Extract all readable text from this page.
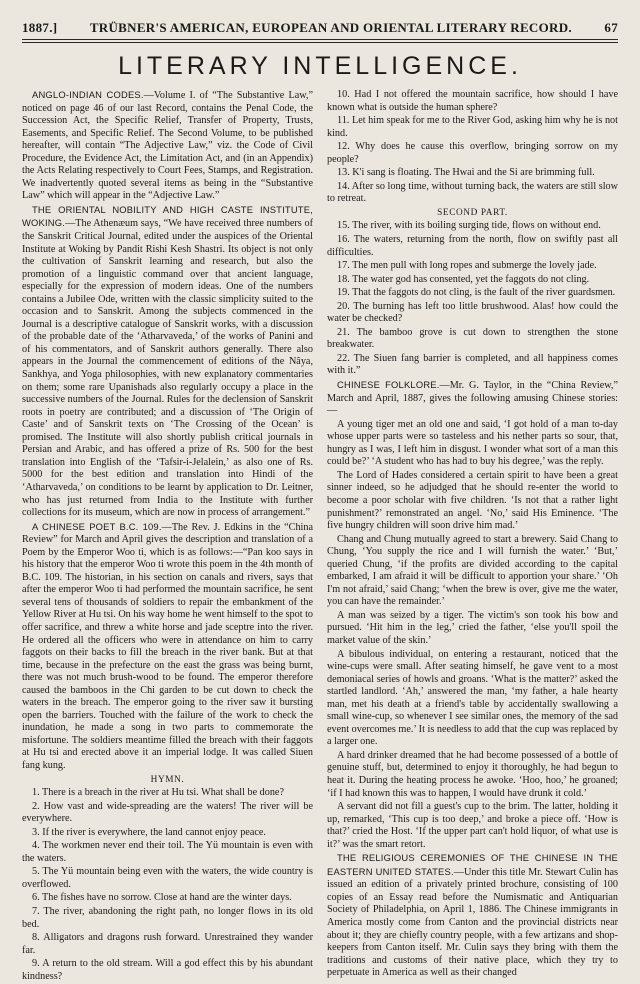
1887.]	TRÜBNER'S AMERICAN, EUROPEAN AND ORIENTAL LITERARY RECORD.	67
LITERARY INTELLIGENCE.

ANGLO-INDIAN CODES.—Volume I. of “The Substantive Law,” noticed on page 46 of our last Record, contains the Penal Code, the Succession Act, the Specific Relief, Transfer of Property, Trusts, Easements, and Specific Relief. The Second Volume, to be published hereafter, will contain “The Adjective Law,” viz. the Code of Civil Procedure, the Evidence Act, the Limitation Act, and (in an Appendix) the Acts Relating respectively to Court Fees, Stamps, and Registration. We inadvertently quoted several items as being in the “Substantive Law” which will appear in the “Adjective Law.”

THE ORIENTAL NOBILITY AND HIGH CASTE INSTITUTE, WOKING.—The Athenæum says, “We have received three numbers of the Sanskrit Critical Journal, edited under the auspices of the Oriental Institute at Woking by Pandit Rishi Kesh Shastri. Its object is not only the cultivation of Sanskrit learning and research, but also the promotion of a linguistic command over that ancient language, especially for the expression of modern ideas. One of the numbers contains a Jubilee Ode, written with the classic simplicity suited to the occasion and to Sanskrit. Among the subjects commenced in the Journal is a descriptive catalogue of Sanskrit works, with a discussion of the probable date of the ‘Atharvaveda,’ of the works of Panini and of his commentators, and of Sanskrit authors generally. There also appears in the Journal the commencement of editions of the Nâya, Sankhya, and Yoga philosophies, with new explanatory commentaries on them; some rare Upanishads also regularly occupy a place in the successive numbers of the Journal. Rules for the declension of Sanskrit roots in poetry are contributed; and a discussion of ‘The Origin of Caste’ and of Sanskrit texts on ‘The Crossing of the Ocean’ is promised. The Institute will also shortly publish critical journals in Persian and Arabic, and has offered a prize of Rs. 500 for the best translation into English of the ‘Tafsir-i-Jelalein,’ as also one of Rs. 5000 for the best edition and translation into Hindi of the ‘Atharvaveda,’ on conditions to be learnt by application to Dr. Leitner, who has just returned from India to the Institute with further collections for its museum, which are now in process of arrangement.”

A CHINESE POET B.C. 109.—The Rev. J. Edkins in the “China Review” for March and April gives the description and translation of a Poem by the Emperor Woo ti, which is as follows:—“Pan koo says in his history that the emperor Woo ti wrote this poem in the 4th month of B.C. 109. The historian, in his section on canals and rivers, says that after the emperor Woo ti had performed the mountain sacrifice, he sent several tens of thousands of soldiers to repair the embankment of the Yellow River at Hu tsi. On his way home he went himself to the spot to offer sacrifice, and threw a white horse and jade sceptre into the river. He ordered all the officers who were in attendance on him to carry faggots on their backs to fill the breach in the river bank. But at that time, because in the prefecture on the east the grass was being burnt, there was not much brush-wood to be found. The emperor therefore caused the bamboos in the Chi garden to be cut down to check the waters in the breach. The emperor going to the river saw it bursting open the barriers. Touched with the failure of the work to check the inundation, he made a song in two parts to commemorate the misfortune. The soldiers meantime filled the breach with their faggots at Hu tsi and erected above it an imperial lodge. It was called Siuen fang kung.

HYMN.

1. There is a breach in the river at Hu tsi. What shall be done?

2. How vast and wide-spreading are the waters! The river will be everywhere.

3. If the river is everywhere, the land cannot enjoy peace.

4. The workmen never end their toil. The Yü mountain is even with the waters.

5. The Yü mountain being even with the waters, the wide country is overflowed.

6. The fishes have no sorrow. Close at hand are the winter days.

7. The river, abandoning the right path, no longer flows in its old bed.

8. Alligators and dragons rush forward. Unrestrained they wander far.

9. A return to the old stream. Will a god effect this by his abundant kindness?

10. Had I not offered the mountain sacrifice, how should I have known what is outside the human sphere?

11. Let him speak for me to the River God, asking him why he is not kind.

12. Why does he cause this overflow, bringing sorrow on my people?

13. K'i sang is floating. The Hwai and the Si are brimming full.

14. After so long time, without turning back, the waters are still slow to retreat.

SECOND PART.

15. The river, with its boiling surging tide, flows on without end.

16. The waters, returning from the north, flow on swiftly past all difficulties.

17. The men pull with long ropes and submerge the lovely jade.

18. The water god has consented, yet the faggots do not cling.

19. That the faggots do not cling, is the fault of the river guardsmen.

20. The burning has left too little brushwood. Alas! how could the water be checked?

21. The bamboo grove is cut down to strengthen the stone breakwater.

22. The Siuen fang barrier is completed, and all happiness comes with it.”

CHINESE FOLKLORE.—Mr. G. Taylor, in the “China Review,” March and April, 1887, gives the following amusing Chinese stories:—

A young tiger met an old one and said, ‘I got hold of a man to-day whose upper parts were so tasteless and his nether parts so sour, that, hungry as I was, I left him in disgust. I wonder what sort of a man this could be?’ ‘A student who has had to buy his degree,’ was the reply.

The Lord of Hades considered a certain spirit to have been a great sinner indeed, so he adjudged that he should re-enter the world to become a poor scholar with five children. ‘Is not that a rather light punishment?’ remonstrated an angel. ‘No,’ said His Eminence. ‘The five hungry children will soon drive him mad.’

Chang and Chung mutually agreed to start a brewery. Said Chang to Chung, ‘You supply the rice and I will furnish the water.’ ‘But,’ queried Chung, ‘if the profits are divided according to the capital embarked, I am afraid it will be difficult to apportion your share.’ ‘Oh I'm not afraid,’ said Chang; ‘when the brew is over, give me the water, you can have the remainder.’

A man was seized by a tiger. The victim's son took his bow and pursued. ‘Hit him in the leg,’ cried the father, ‘else you'll spoil the market value of the skin.’

A bibulous individual, on entering a restaurant, noticed that the wine-cups were small. After seating himself, he gave vent to a most demoniacal series of howls and groans. ‘What is the matter?’ asked the startled landlord. ‘Ah,’ answered the man, ‘my father, a hale hearty man, met his death at a friend's table by accidentally swallowing a small wine-cup, so whenever I see similar ones, the memory of the sad event overcomes me.’ It is needless to add that the cup was replaced by a larger one.

A hard drinker dreamed that he had become possessed of a bottle of genuine stuff, but, determined to enjoy it thoroughly, he had begun to heat it. During the heating process he awoke. ‘Hoo, hoo,’ he groaned; ‘if I had known this was to happen, I would have drunk it cold.’

A servant did not fill a guest's cup to the brim. The latter, holding it up, remarked, ‘This cup is too deep,’ and broke a piece off. ‘How is that?’ cried the Host. ‘If the upper part can't hold liquor, of what use is it?’ was the smart retort.

THE RELIGIOUS CEREMONIES OF THE CHINESE IN THE EASTERN UNITED STATES.—Under this title Mr. Stewart Culin has issued an edition of a privately printed brochure, consisting of 100 copies of an Essay read before the Numismatic and Antiquarian Society of Philadelphia, on April 1, 1886. The Chinese immigrants in America mostly come from Canton and the provincial districts near about it; they are chiefly country people, with a few artizans and shop-keepers from Canton itself. Mr. Culin says they bring with them the traditions and customs of their native place, which they try to perpetuate in America as well as their changed
